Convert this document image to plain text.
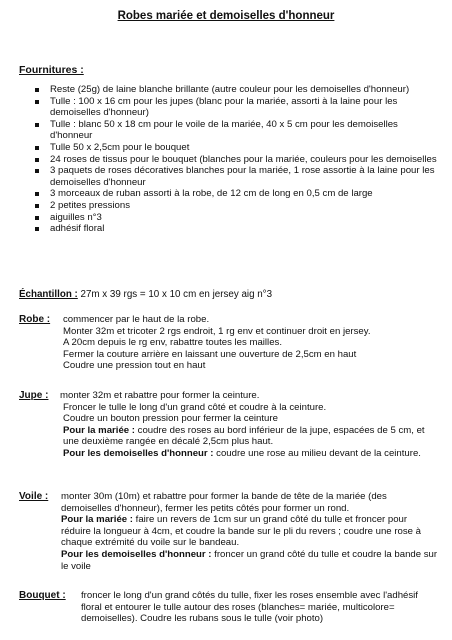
Robes mariée et demoiselles d'honneur
Fournitures :
Reste (25g) de laine blanche brillante (autre couleur pour les demoiselles d'honneur)
Tulle : 100 x 16 cm pour les jupes (blanc pour la mariée, assorti à la laine pour les demoiselles d'honneur)
Tulle : blanc 50 x 18 cm pour le voile de la mariée, 40 x 5 cm pour les demoiselles d'honneur
Tulle 50 x 2,5cm pour le bouquet
24 roses de tissus pour le bouquet (blanches pour la mariée, couleurs pour les demoiselles
3 paquets de roses décoratives blanches pour la mariée, 1 rose assortie à la laine pour les demoiselles d'honneur
3 morceaux de ruban assorti à la robe, de 12 cm de long en 0,5 cm de large
2 petites pressions
aiguilles n°3
adhésif floral
Échantillon : 27m x 39 rgs = 10 x 10 cm en jersey aig n°3
Robe : commencer par le haut de la robe.

Monter 32m et tricoter 2 rgs endroit, 1 rg env et continuer droit en jersey.

A 20cm depuis le rg env, rabattre toutes les mailles.

Fermer la couture arrière en laissant une ouverture de 2,5cm en haut

Coudre une pression tout en haut

Jupe : monter 32m et rabattre pour former la ceinture.

Froncer le tulle le long d'un grand côté et coudre à la ceinture.

Coudre un bouton pression pour fermer la ceinture

Pour la mariée : coudre des roses au bord inférieur de la jupe, espacées de 5 cm, et une deuxième rangée en décalé 2,5cm plus haut.

Pour les demoiselles d'honneur : coudre une rose au milieu devant de la ceinture.

Voile : monter 30m (10m) et rabattre pour former la bande de tête de la mariée (des demoiselles d'honneur), fermer les petits côtés pour former un rond.

Pour la mariée : faire un revers de 1cm sur un grand côté du tulle et froncer pour réduire la longueur à 4cm, et coudre la bande sur le pli du revers ; coudre une rose à chaque extrémité du voile sur le bandeau.

Pour les demoiselles d'honneur : froncer un grand côté du tulle et coudre la bande sur le voile

Bouquet : froncer le long d'un grand côtés du tulle, fixer les roses ensemble avec l'adhésif floral et entourer le tulle autour des roses (blanches= mariée, multicolore= demoiselles). Coudre les rubans sous le tulle (voir photo)
